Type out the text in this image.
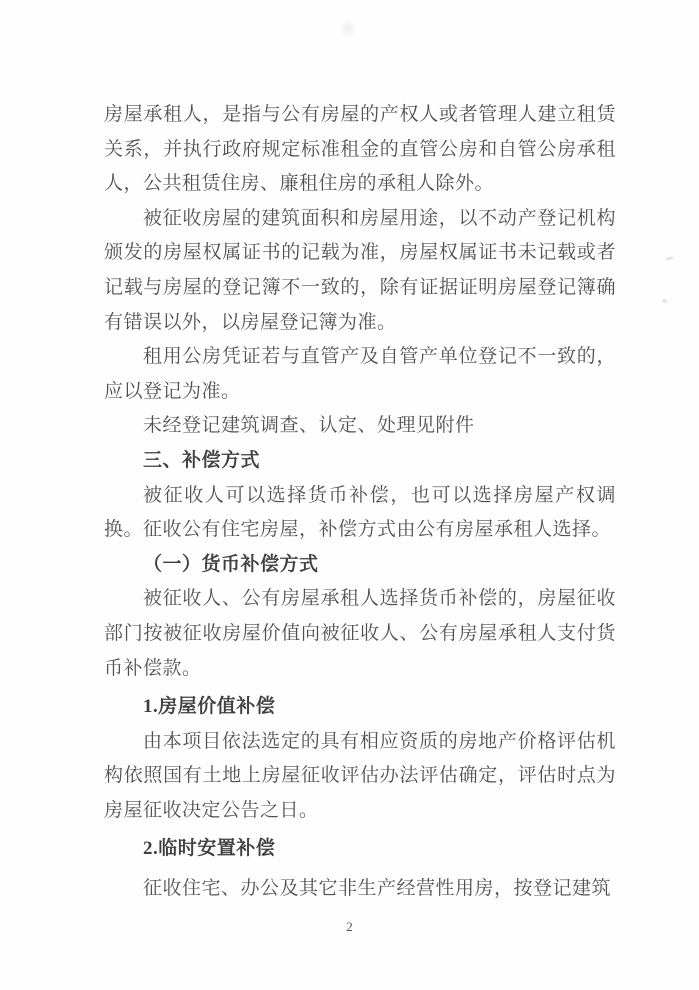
房屋承租人，是指与公有房屋的产权人或者管理人建立租赁关系，并执行政府规定标准租金的直管公房和自管公房承租人，公共租赁住房、廉租住房的承租人除外。

被征收房屋的建筑面积和房屋用途，以不动产登记机构颁发的房屋权属证书的记载为准，房屋权属证书未记载或者记载与房屋的登记簿不一致的，除有证据证明房屋登记簿确有错误以外，以房屋登记簿为准。

租用公房凭证若与直管产及自管产单位登记不一致的，应以登记为准。

未经登记建筑调查、认定、处理见附件

三、补偿方式

被征收人可以选择货币补偿，也可以选择房屋产权调换。征收公有住宅房屋，补偿方式由公有房屋承租人选择。

（一）货币补偿方式

被征收人、公有房屋承租人选择货币补偿的，房屋征收部门按被征收房屋价值向被征收人、公有房屋承租人支付货币补偿款。

1.房屋价值补偿

由本项目依法选定的具有相应资质的房地产价格评估机构依照国有土地上房屋征收评估办法评估确定，评估时点为房屋征收决定公告之日。

2.临时安置补偿

征收住宅、办公及其它非生产经营性用房，按登记建筑

2
